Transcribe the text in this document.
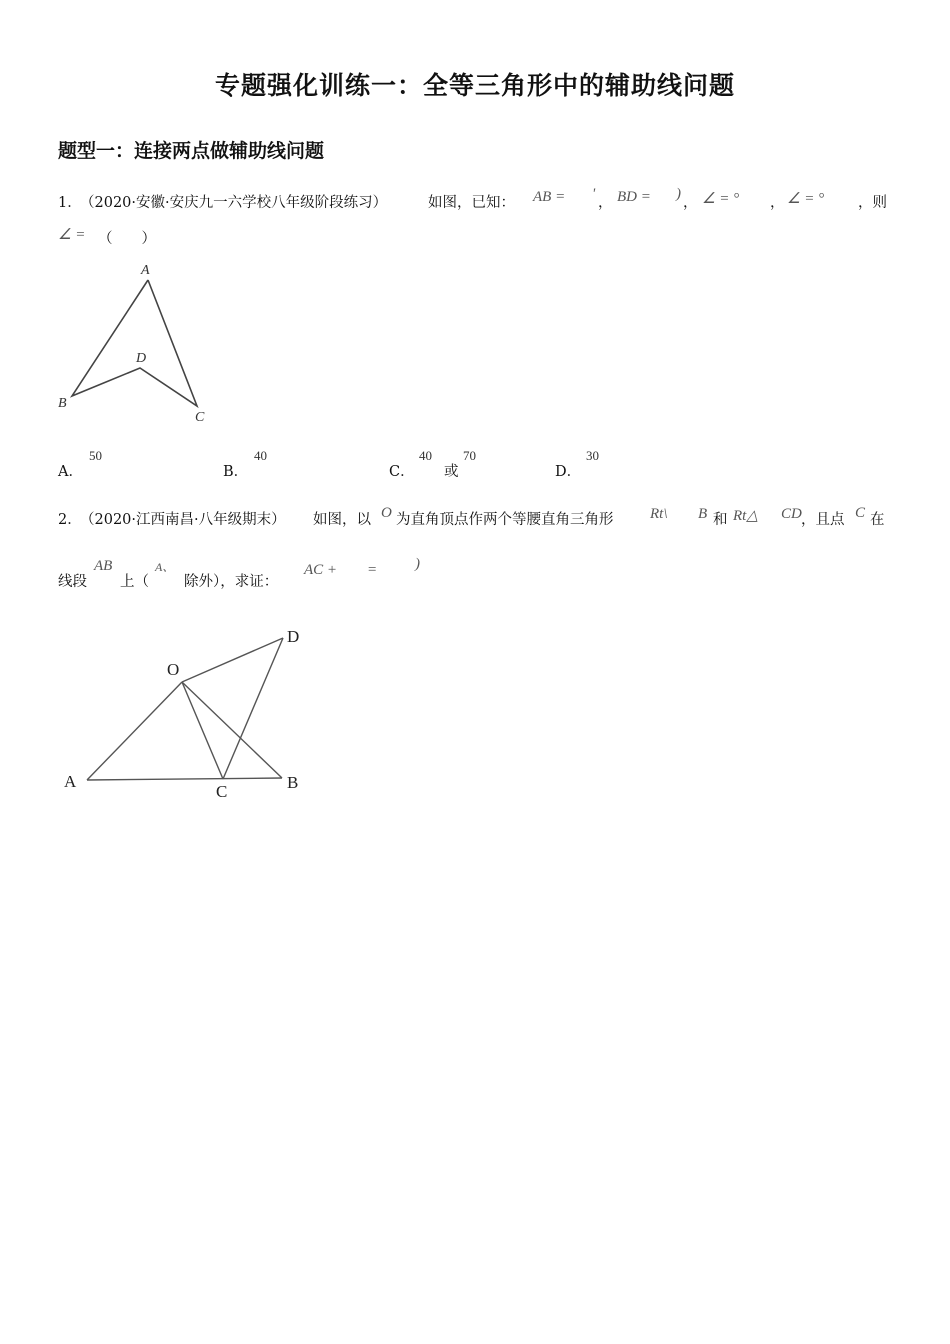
专题强化训练一：全等三角形中的辅助线问题
题型一：连接两点做辅助线问题
1．
（2020·安徽·安庆九一六学校八年级阶段练习）	如图，已知： AB = '
， BD = )
， ∠ = ° ， ∠ = ° ，则
∠ = （　　）
A
D
B
C
A．
50
B．
40
C．
40
或
70
D．
30
2．
（2020·江西南昌·八年级期末） 如图，以 O 为直角顶点作两个等腰直角三角形 Rt\ B 和 Rt△ CD ，且点 C 在
线段
AB
上（
A、
除外），求证：
AC +　　=	)
A
O
C	B
D
